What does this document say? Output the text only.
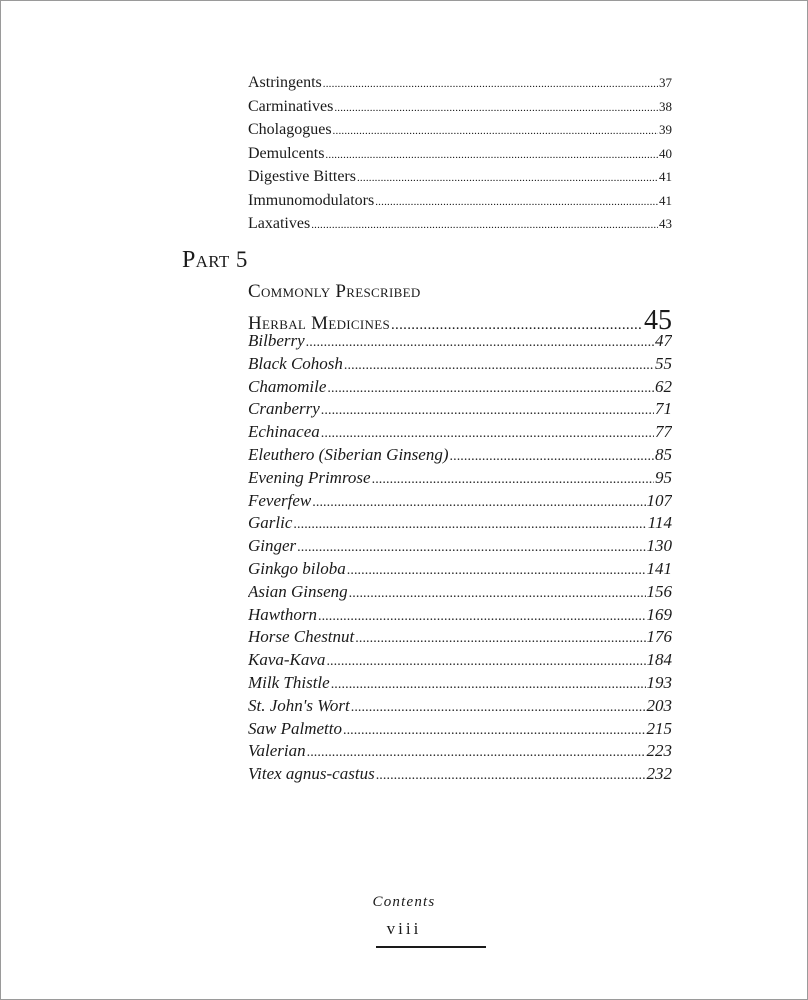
Astringents .....	37
Carminatives .....	38
Cholagogues .....	39
Demulcents .....	40
Digestive Bitters .....	41
Immunomodulators .....	41
Laxatives .....	43
Part 5
Commonly Prescribed
Herbal Medicines .....	45
Bilberry .....	47
Black Cohosh .....	55
Chamomile .....	62
Cranberry .....	71
Echinacea .....	77
Eleuthero (Siberian Ginseng) .....	85
Evening Primrose .....	95
Feverfew .....	107
Garlic .....	114
Ginger .....	130
Ginkgo biloba .....	141
Asian Ginseng .....	156
Hawthorn .....	169
Horse Chestnut .....	176
Kava-Kava .....	184
Milk Thistle .....	193
St. John's Wort .....	203
Saw Palmetto .....	215
Valerian .....	223
Vitex agnus-castus .....	232
Contents
viii
